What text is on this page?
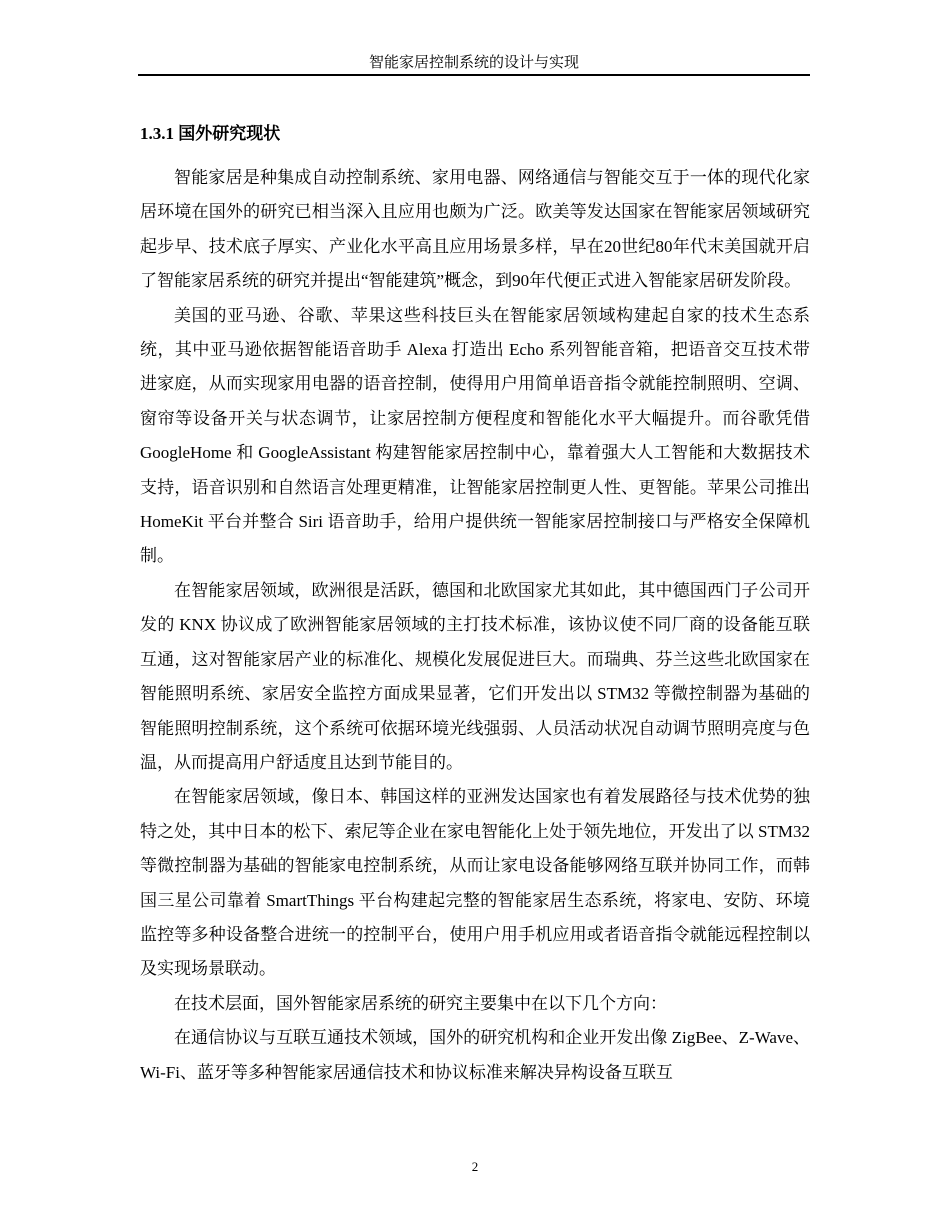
智能家居控制系统的设计与实现
1.3.1 国外研究现状

智能家居是种集成自动控制系统、家用电器、网络通信与智能交互于一体的现代化家居环境在国外的研究已相当深入且应用也颇为广泛。欧美等发达国家在智能家居领域研究起步早、技术底子厚实、产业化水平高且应用场景多样，早在20世纪80年代末美国就开启了智能家居系统的研究并提出“智能建筑”概念，到90年代便正式进入智能家居研发阶段。

美国的亚马逊、谷歌、苹果这些科技巨头在智能家居领域构建起自家的技术生态系统，其中亚马逊依据智能语音助手 Alexa 打造出 Echo 系列智能音箱，把语音交互技术带进家庭，从而实现家用电器的语音控制，使得用户用简单语音指令就能控制照明、空调、窗帘等设备开关与状态调节，让家居控制方便程度和智能化水平大幅提升。而谷歌凭借 GoogleHome 和 GoogleAssistant 构建智能家居控制中心，靠着强大人工智能和大数据技术支持，语音识别和自然语言处理更精准，让智能家居控制更人性、更智能。苹果公司推出 HomeKit 平台并整合 Siri 语音助手，给用户提供统一智能家居控制接口与严格安全保障机制。

在智能家居领域，欧洲很是活跃，德国和北欧国家尤其如此，其中德国西门子公司开发的 KNX 协议成了欧洲智能家居领域的主打技术标准，该协议使不同厂商的设备能互联互通，这对智能家居产业的标准化、规模化发展促进巨大。而瑞典、芬兰这些北欧国家在智能照明系统、家居安全监控方面成果显著，它们开发出以 STM32 等微控制器为基础的智能照明控制系统，这个系统可依据环境光线强弱、人员活动状况自动调节照明亮度与色温，从而提高用户舒适度且达到节能目的。

在智能家居领域，像日本、韩国这样的亚洲发达国家也有着发展路径与技术优势的独特之处，其中日本的松下、索尼等企业在家电智能化上处于领先地位，开发出了以 STM32 等微控制器为基础的智能家电控制系统，从而让家电设备能够网络互联并协同工作，而韩国三星公司靠着 SmartThings 平台构建起完整的智能家居生态系统，将家电、安防、环境监控等多种设备整合进统一的控制平台，使用户用手机应用或者语音指令就能远程控制以及实现场景联动。

在技术层面，国外智能家居系统的研究主要集中在以下几个方向：

在通信协议与互联互通技术领域，国外的研究机构和企业开发出像 ZigBee、Z-Wave、Wi-Fi、蓝牙等多种智能家居通信技术和协议标准来解决异构设备互联互

2
